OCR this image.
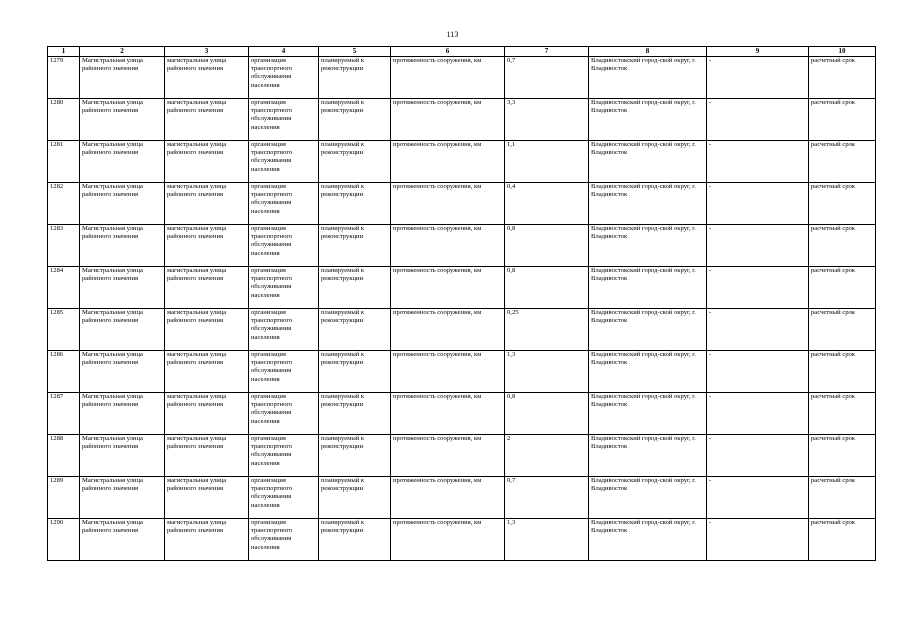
113
1	2	3	4	5	6	7	8	9	10
1279	Магистральная улица районного значения	магистральная улица районного значения	организация транспортного обслуживания населения	планируемый к реконструкции	протяженность сооружения, км	0,7	Владивостокский город-ской округ, г. Владивосток	-	расчетный срок
1280	Магистральная улица районного значения	магистральная улица районного значения	организация транспортного обслуживания населения	планируемый к реконструкции	протяженность сооружения, км	3,3	Владивостокский город-ской округ, г. Владивосток	-	расчетный срок
1281	Магистральная улица районного значения	магистральная улица районного значения	организация транспортного обслуживания населения	планируемый к реконструкции	протяженность сооружения, км	1,1	Владивостокский город-ской округ, г. Владивосток	-	расчетный срок
1282	Магистральная улица районного значения	магистральная улица районного значения	организация транспортного обслуживания населения	планируемый к реконструкции	протяженность сооружения, км	0,4	Владивостокский город-ской округ, г. Владивосток	-	расчетный срок
1283	Магистральная улица районного значения	магистральная улица районного значения	организация транспортного обслуживания населения	планируемый к реконструкции	протяженность сооружения, км	0,8	Владивостокский город-ской округ, г. Владивосток	-	расчетный срок
1284	Магистральная улица районного значения	магистральная улица районного значения	организация транспортного обслуживания населения	планируемый к реконструкции	протяженность сооружения, км	0,8	Владивостокский город-ской округ, г. Владивосток	-	расчетный срок
1285	Магистральная улица районного значения	магистральная улица районного значения	организация транспортного обслуживания населения	планируемый к реконструкции	протяженность сооружения, км	0,25	Владивостокский город-ской округ, г. Владивосток	-	расчетный срок
1286	Магистральная улица районного значения	магистральная улица районного значения	организация транспортного обслуживания населения	планируемый к реконструкции	протяженность сооружения, км	1,3	Владивостокский город-ской округ, г. Владивосток	-	расчетный срок
1287	Магистральная улица районного значения	магистральная улица районного значения	организация транспортного обслуживания населения	планируемый к реконструкции	протяженность сооружения, км	0,8	Владивостокский город-ской округ, г. Владивосток	-	расчетный срок
1288	Магистральная улица районного значения	магистральная улица районного значения	организация транспортного обслуживания населения	планируемый к реконструкции	протяженность сооружения, км	2	Владивостокский город-ской округ, г. Владивосток	-	расчетный срок
1289	Магистральная улица районного значения	магистральная улица районного значения	организация транспортного обслуживания населения	планируемый к реконструкции	протяженность сооружения, км	0,7	Владивостокский город-ской округ, г. Владивосток	-	расчетный срок
1290	Магистральная улица районного значения	магистральная улица районного значения	организация транспортного обслуживания населения	планируемый к реконструкции	протяженность сооружения, км	1,3	Владивостокский город-ской округ, г. Владивосток	-	расчетный срок
